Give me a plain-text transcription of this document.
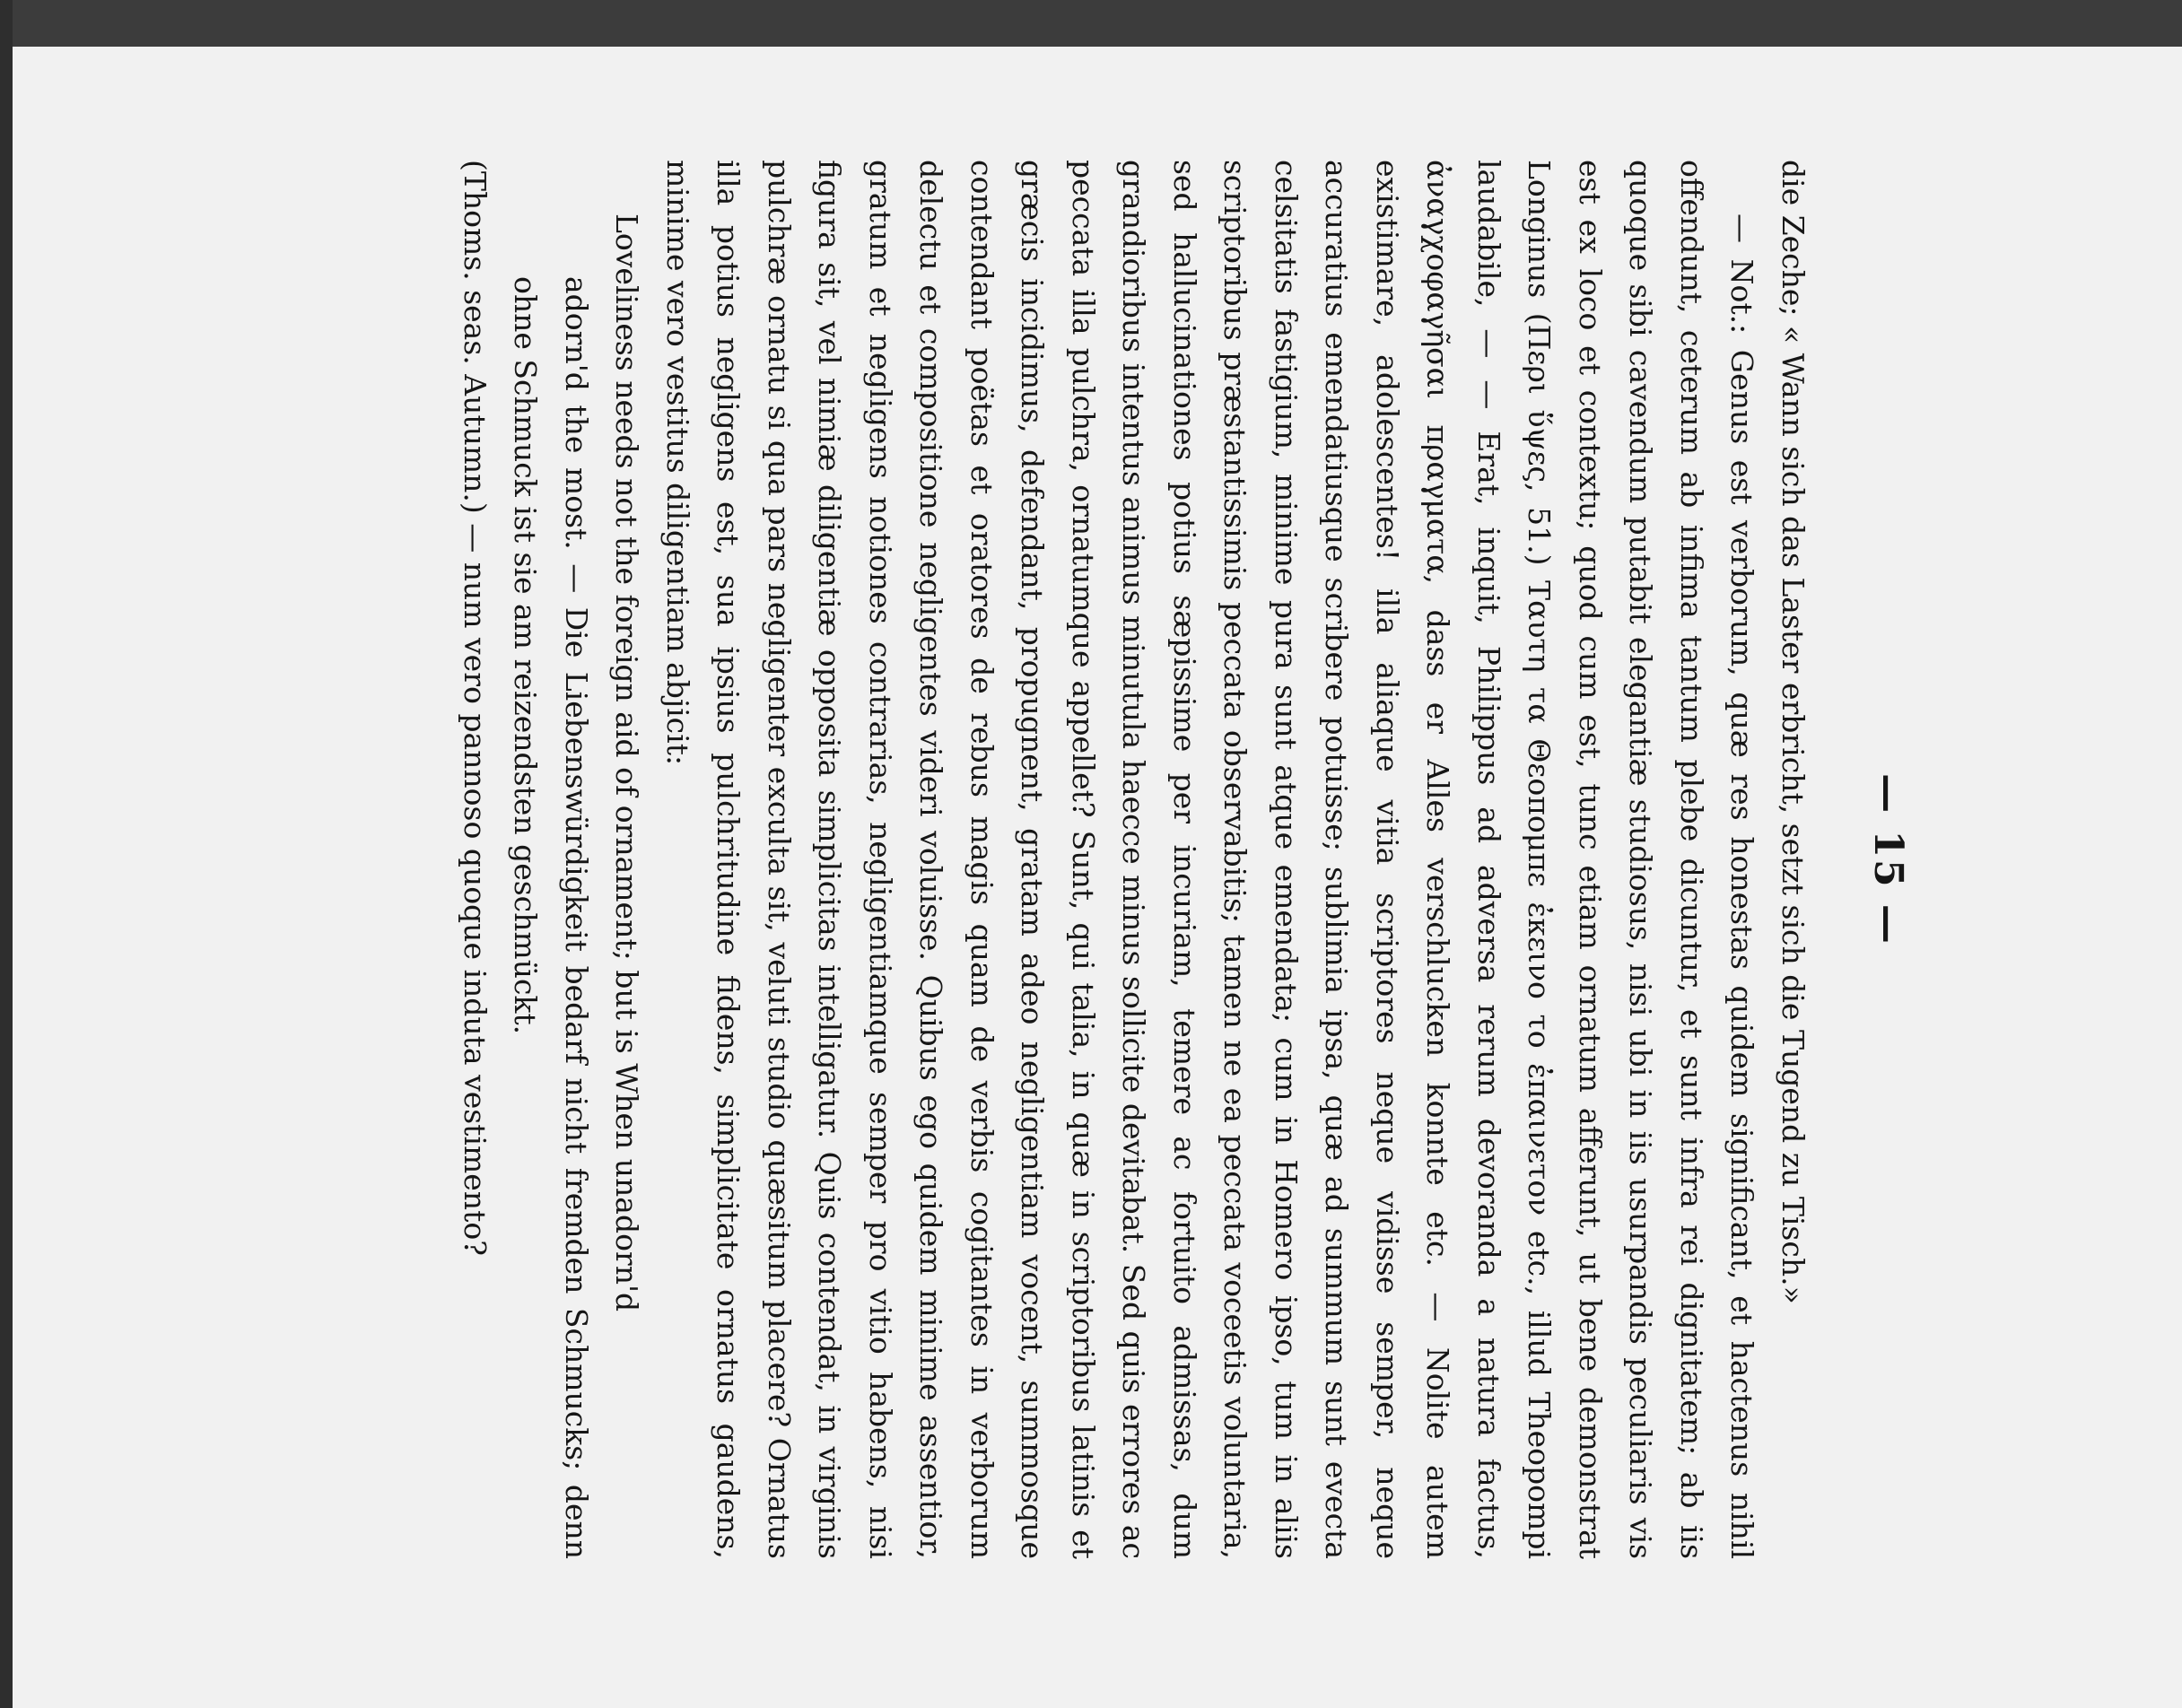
— 15 —

die Zeche; « Wann sich das Laster erbricht, setzt sich die Tugend zu Tisch.»

— Not.: Genus est verborum, quæ res honestas quidem significant, et hactenus nihil offendunt, ceterum ab infima tantum plebe dicuntur, et sunt infra rei dignitatem; ab iis quoque sibi cavendum putabit elegantiæ studiosus, nisi ubi in iis usurpandis peculiaris vis est ex loco et contextu; quod cum est, tunc etiam ornatum afferunt, ut bene demonstrat Longinus (Περι ὕψες, 51.) Ταυτη τα Θεοπομπε ἐκεινο το ἐπαινετον etc., illud Theopompi laudabile, — — Erat, inquit, Philippus ad adversa rerum devoranda a natura factus, ἀναγχοφαγῆσαι πραγματα, dass er Alles verschlucken konnte etc. — Nolite autem existimare, adolescentes! illa aliaque vitia scriptores neque vidisse semper, neque accuratius emendatiusque scribere potuisse; sublimia ipsa, quæ ad summum sunt evecta celsitatis fastigium, minime pura sunt atque emendata; cum in Homero ipso, tum in aliis scriptoribus præstantissimis peccata observabitis; tamen ne ea peccata voceetis voluntaria, sed hallucinationes potius sæpissime per incuriam, temere ac fortuito admissas, dum grandioribus intentus animus minutula haecce minus sollicite devitabat. Sed quis errores ac peccata illa pulchra, ornatumque appellet? Sunt, qui talia, in quæ in scriptoribus latinis et græcis incidimus, defendant, propugnent, gratam adeo negligentiam vocent, summosque contendant poëtas et oratores de rebus magis quam de verbis cogitantes in verborum delectu et compositione negligentes videri voluisse. Quibus ego quidem minime assentior, gratum et negligens notiones contrarias, negligentiamque semper pro vitio habens, nisi figura sit, vel nimiæ diligentiæ opposita simplicitas intelligatur. Quis contendat, in virginis pulchræ ornatu si qua pars negligenter exculta sit, veluti studio quæsitum placere? Ornatus illa potius negligens est, sua ipsius pulchritudine fidens, simplicitate ornatus gaudens, minime vero vestitus diligentiam abjicit:

Loveliness needs not the foreign aid of ornament; but is When unadorn'd

adorn'd the most. — Die Liebenswürdigkeit bedarf nicht fremden Schmucks; denn ohne Schmuck ist sie am reizendsten geschmückt.

(Thoms. seas. Autumn.) — num vero pannoso quoque induta vestimento?
